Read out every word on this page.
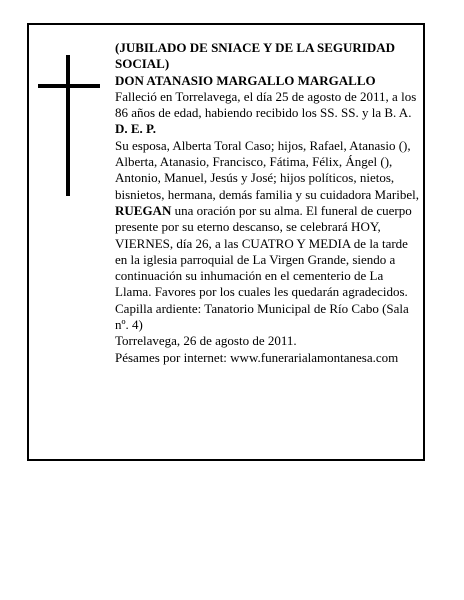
(JUBILADO DE SNIACE Y DE LA SEGURIDAD SOCIAL)

DON ATANASIO MARGALLO MARGALLO

Falleció en Torrelavega, el día 25 de agosto de 2011, a los 86 años de edad, habiendo recibido los SS. SS. y la B. A.

D. E. P.

Su esposa, Alberta Toral Caso; hijos, Rafael, Atanasio (), Alberta, Atanasio, Francisco, Fátima, Félix, Ángel (), Antonio, Manuel, Jesús y José; hijos políticos, nietos, bisnietos, hermana, demás familia y su cuidadora Maribel,

RUEGAN una oración por su alma. El funeral de cuerpo presente por su eterno descanso, se celebrará HOY, VIERNES, día 26, a las CUATRO Y MEDIA de la tarde en la iglesia parroquial de La Virgen Grande, siendo a continuación su inhumación en el cementerio de La Llama. Favores por los cuales les quedarán agradecidos. Capilla ardiente: Tanatorio Municipal de Río Cabo (Sala nº. 4)

Torrelavega, 26 de agosto de 2011.

Pésames por internet: www.funerarialamontanesa.com
